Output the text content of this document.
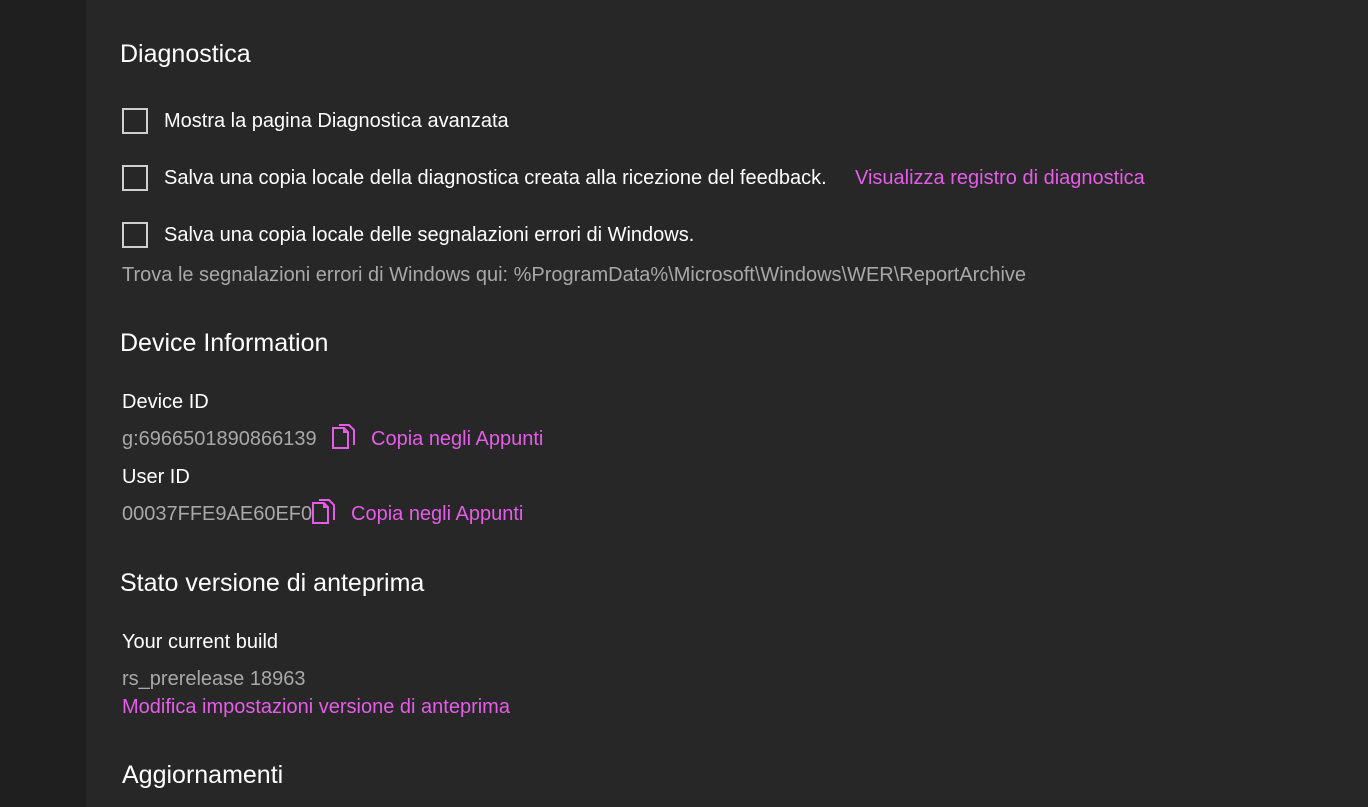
Diagnostica
Mostra la pagina Diagnostica avanzata
Salva una copia locale della diagnostica creata alla ricezione del feedback. Visualizza registro di diagnostica
Salva una copia locale delle segnalazioni errori di Windows.
Trova le segnalazioni errori di Windows qui: %ProgramData%\Microsoft\Windows\WER\ReportArchive
Device Information
Device ID
g:6966501890866139	Copia negli Appunti
User ID
00037FFE9AE60EF0 Copia negli Appunti
Stato versione di anteprima
Your current build
rs_prerelease 18963
Modifica impostazioni versione di anteprima
Aggiornamenti
